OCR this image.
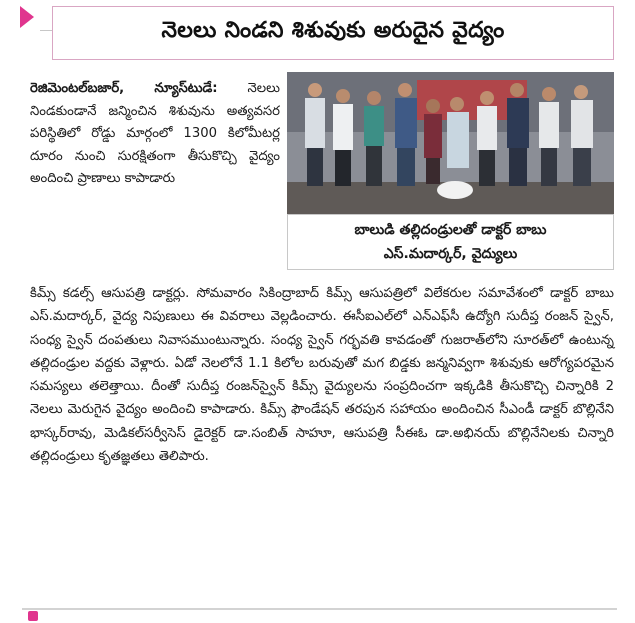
నెలలు నిండని శిశువుకు అరుదైన వైద్యం
రెజిమెంటల్‌బజార్, న్యూస్‌టుడే: నెలలు నిండకుండానే జన్మించిన శిశువును అత్యవసర పరిస్థితిలో రోడ్డు మార్గంలో 1300 కిలోమీటర్ల దూరం నుంచి సురక్షితంగా తీసుకొచ్చి వైద్యం అందించి ప్రాణాలు కాపాడారు
బాలుడి తల్లిదండ్రులతో డాక్టర్ బాబు
ఎస్.మదార్కర్, వైద్యులు
కిమ్స్ కడల్స్ ఆసుపత్రి డాక్టర్లు. సోమవారం సికింద్రాబాద్ కిమ్స్ ఆసుపత్రిలో విలేకరుల సమావేశంలో డాక్టర్ బాబు ఎస్.మదార్కర్, వైద్య నిపుణులు ఈ వివరాలు వెల్లడించారు. ఈసీఐఎల్‌లో ఎన్ఎఫ్‌సీ ఉద్యోగి సుదీప్త రంజన్ స్వైన్, సంధ్య స్వైన్ దంపతులు నివాసముంటున్నారు. సంధ్య స్వైన్ గర్భవతి కావడంతో గుజరాత్‌లోని సూరత్‌లో ఉంటున్న తల్లిదండ్రుల వద్దకు వెళ్లారు. ఏడో నెలలోనే 1.1 కిలోల బరువుతో మగ బిడ్డకు జన్మనివ్వగా శిశువుకు ఆరోగ్యపరమైన సమస్యలు తలెత్తాయి. దీంతో సుదీప్త రంజన్‌స్వైన్ కిమ్స్ వైద్యులను సంప్రదించగా ఇక్కడికి తీసుకొచ్చి చిన్నారికి 2 నెలలు మెరుగైన వైద్యం అందించి కాపాడారు. కిమ్స్ ఫౌండేషన్ తరపున సహాయం అందించిన సీఎండీ డాక్టర్ బొల్లినేని భాస్కర్‌రావు, మెడికల్‌సర్వీసెస్ డైరెక్టర్ డా.సంబిత్ సాహూ, ఆసుపత్రి సీఈఓ డా.అభినయ్ బొల్లినేనిలకు చిన్నారి తల్లిదండ్రులు కృతజ్ఞతలు తెలిపారు.
